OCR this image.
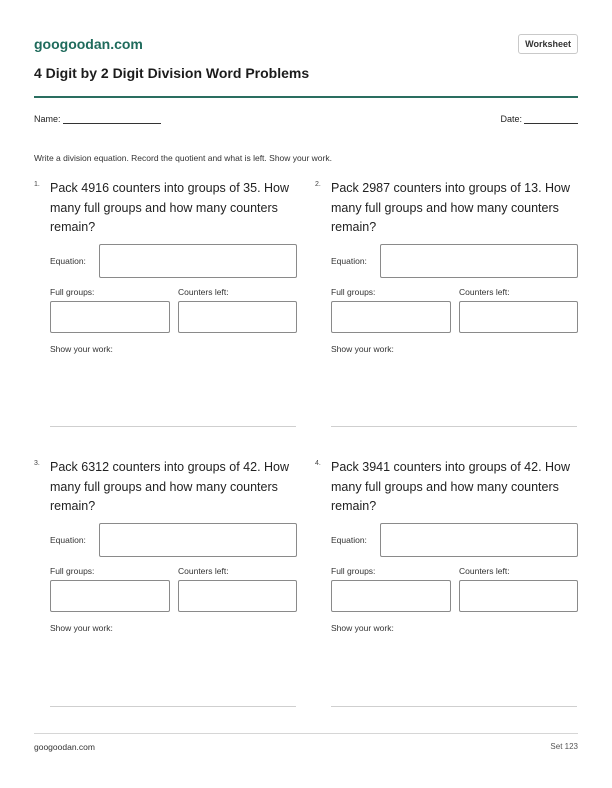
googoodan.com	Worksheet
4 Digit by 2 Digit Division Word Problems
Name:	Date:
Write a division equation. Record the quotient and what is left. Show your work.
1. Pack 4916 counters into groups of 35. How many full groups and how many counters remain?
Equation:
Full groups:	Counters left:
Show your work:
2. Pack 2987 counters into groups of 13. How many full groups and how many counters remain?
Equation:
Full groups:	Counters left:
Show your work:
3. Pack 6312 counters into groups of 42. How many full groups and how many counters remain?
Equation:
Full groups:	Counters left:
Show your work:
4. Pack 3941 counters into groups of 42. How many full groups and how many counters remain?
Equation:
Full groups:	Counters left:
Show your work:
googoodan.com	Set 123
